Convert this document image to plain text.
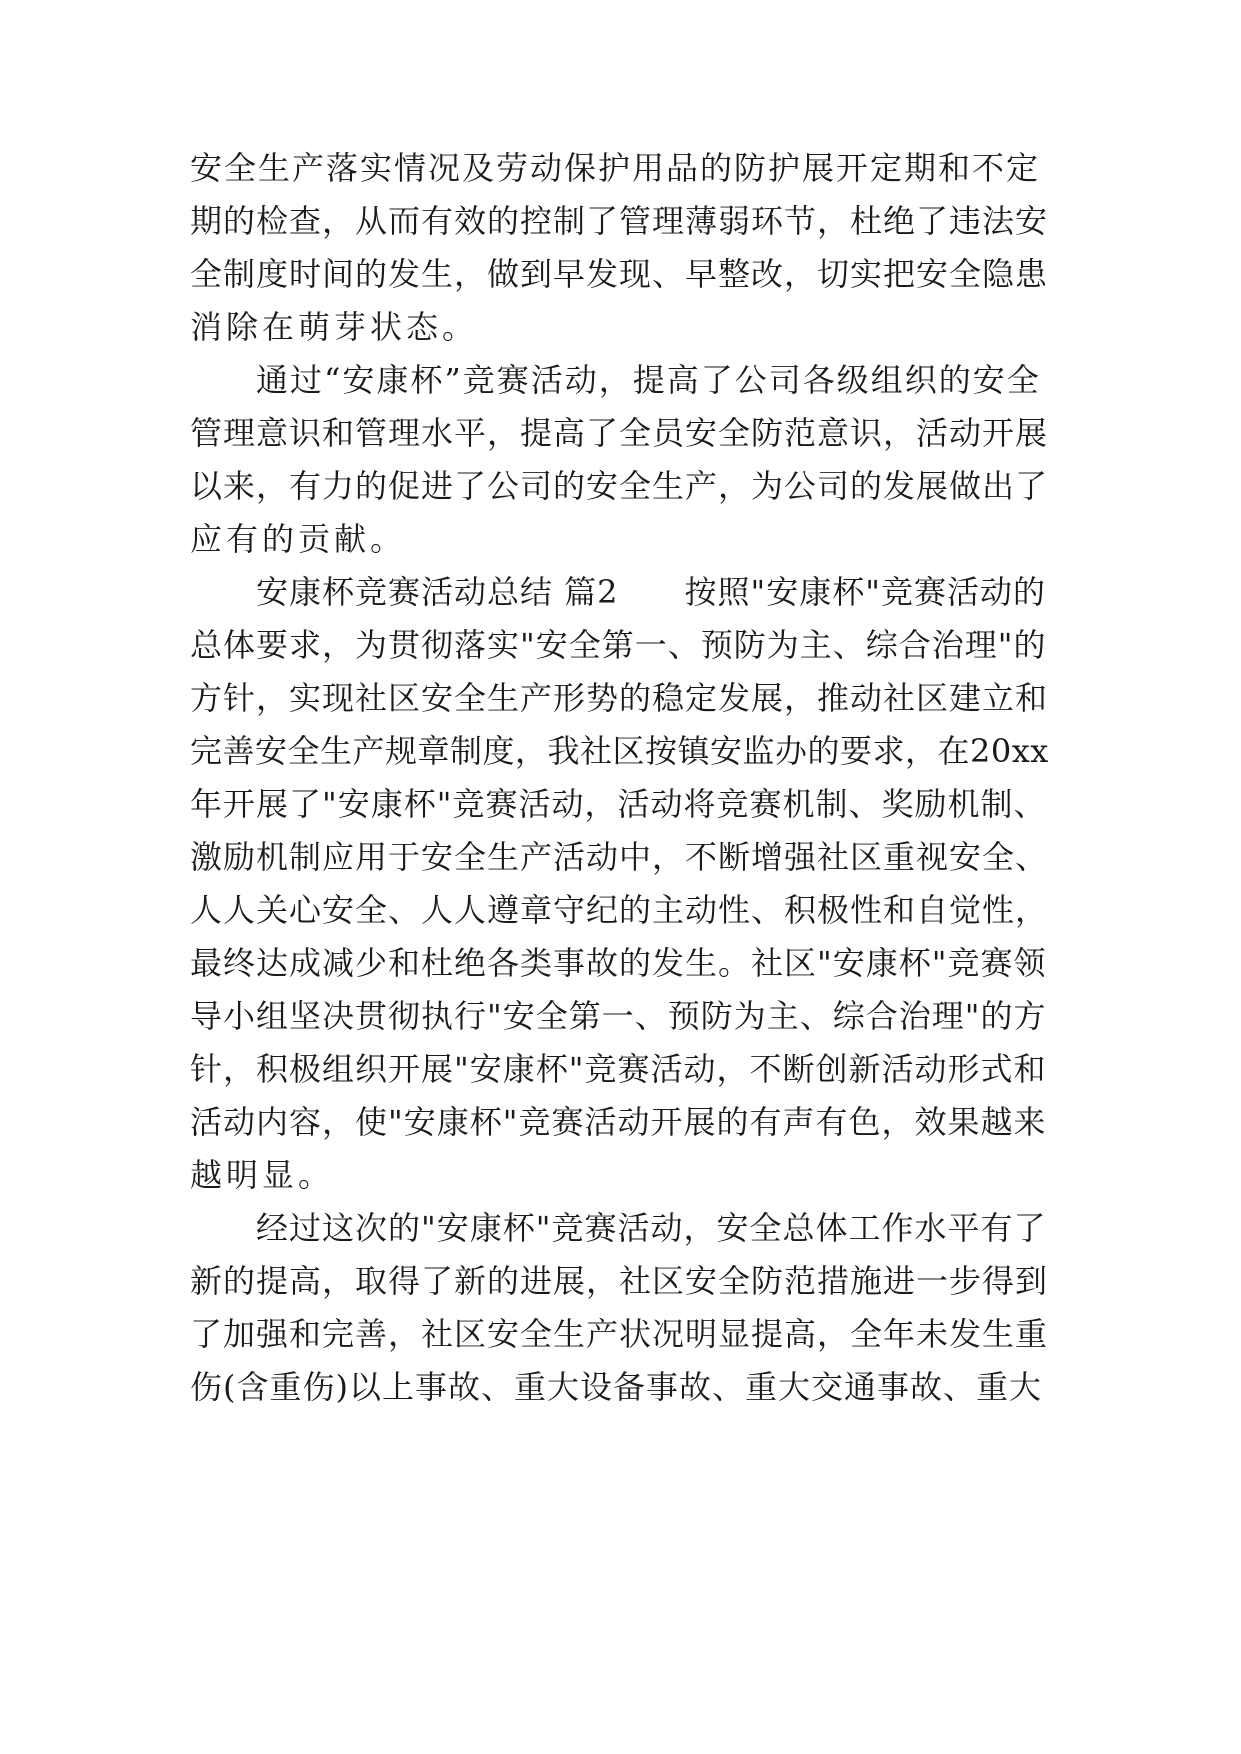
安全生产落实情况及劳动保护用品的防护展开定期和不定
期的检查，从而有效的控制了管理薄弱环节，杜绝了违法安
全制度时间的发生，做到早发现、早整改，切实把安全隐患
消除在萌芽状态。
通过“安康杯”竞赛活动，提高了公司各级组织的安全
管理意识和管理水平，提高了全员安全防范意识，活动开展
以来，有力的促进了公司的安全生产，为公司的发展做出了
应有的贡献。
安康杯竞赛活动总结 篇2　　按照"安康杯"竞赛活动的
总体要求，为贯彻落实"安全第一、预防为主、综合治理"的
方针，实现社区安全生产形势的稳定发展，推动社区建立和
完善安全生产规章制度，我社区按镇安监办的要求，在20xx
年开展了"安康杯"竞赛活动，活动将竞赛机制、奖励机制、
激励机制应用于安全生产活动中，不断增强社区重视安全、
人人关心安全、人人遵章守纪的主动性、积极性和自觉性，
最终达成减少和杜绝各类事故的发生。社区"安康杯"竞赛领
导小组坚决贯彻执行"安全第一、预防为主、综合治理"的方
针，积极组织开展"安康杯"竞赛活动，不断创新活动形式和
活动内容，使"安康杯"竞赛活动开展的有声有色，效果越来
越明显。
经过这次的"安康杯"竞赛活动，安全总体工作水平有了
新的提高，取得了新的进展，社区安全防范措施进一步得到
了加强和完善，社区安全生产状况明显提高，全年未发生重
伤(含重伤)以上事故、重大设备事故、重大交通事故、重大
